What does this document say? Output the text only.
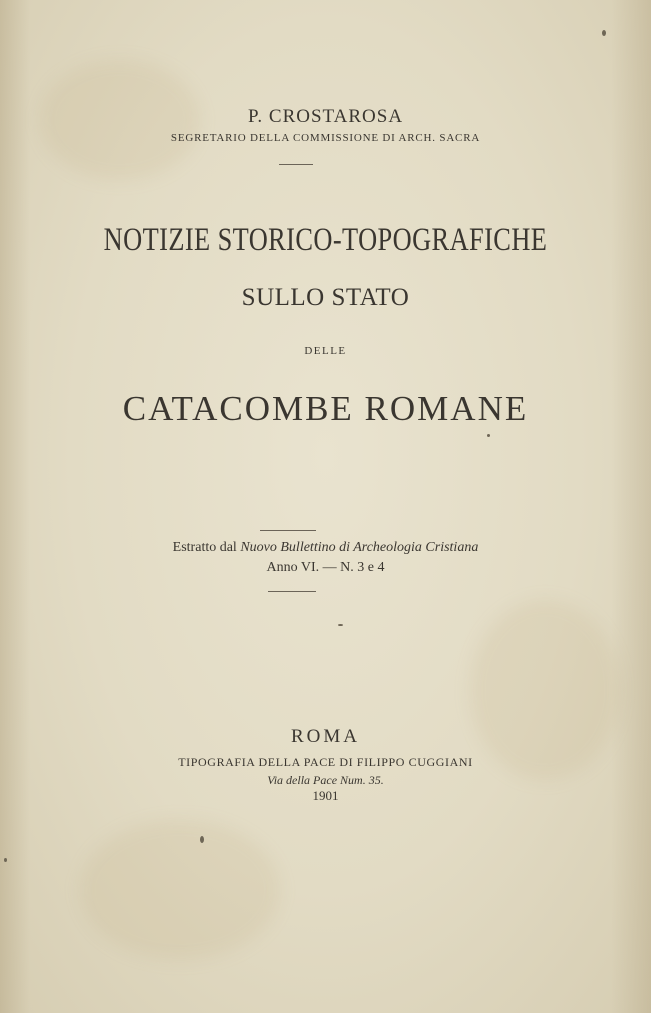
P. CROSTAROSA
SEGRETARIO DELLA COMMISSIONE DI ARCH. SACRA
NOTIZIE STORICO-TOPOGRAFICHE
SULLO STATO
DELLE
CATACOMBE ROMANE
Estratto dal Nuovo Bullettino di Archeologia Cristiana
Anno VI. — N. 3 e 4
ROMA
TIPOGRAFIA DELLA PACE DI FILIPPO CUGGIANI
Via della Pace Num. 35.
1901
